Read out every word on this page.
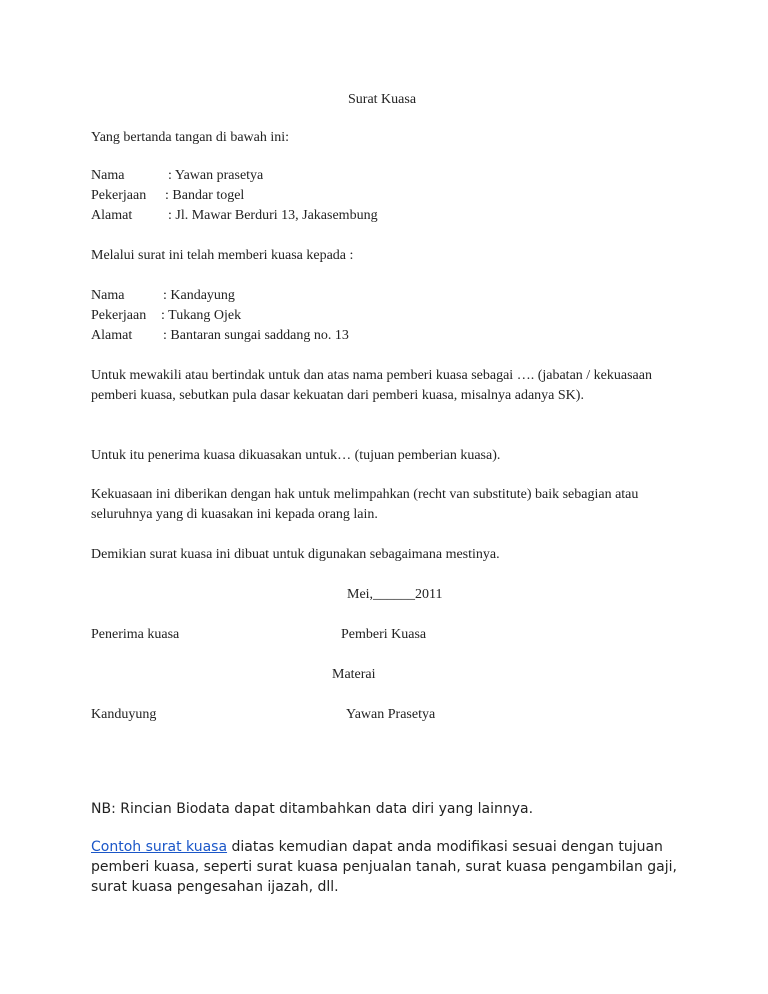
Surat Kuasa
Yang bertanda tangan di bawah ini:
Nama	: Yawan prasetya
Pekerjaan : Bandar togel
Alamat	: Jl. Mawar Berduri 13, Jakasembung
Melalui surat ini telah memberi kuasa kepada :
Nama	: Kandayung
Pekerjaan : Tukang Ojek
Alamat : Bantaran sungai saddang no. 13
Untuk mewakili atau bertindak untuk dan atas nama pemberi kuasa sebagai …. (jabatan / kekuasaan pemberi kuasa, sebutkan pula dasar kekuatan dari pemberi kuasa, misalnya adanya SK).
Untuk itu penerima kuasa dikuasakan untuk… (tujuan pemberian kuasa).
Kekuasaan ini diberikan dengan hak untuk melimpahkan (recht van substitute) baik sebagian atau seluruhnya yang di kuasakan ini kepada orang lain.
Demikian surat kuasa ini dibuat untuk digunakan sebagaimana mestinya.
Mei,______2011
Penerima kuasa	Pemberi Kuasa
Materai
Kanduyung	Yawan Prasetya
NB: Rincian Biodata dapat ditambahkan data diri yang lainnya.
Contoh surat kuasa diatas kemudian dapat anda modifikasi sesuai dengan tujuan pemberi kuasa, seperti surat kuasa penjualan tanah, surat kuasa pengambilan gaji, surat kuasa pengesahan ijazah, dll.
